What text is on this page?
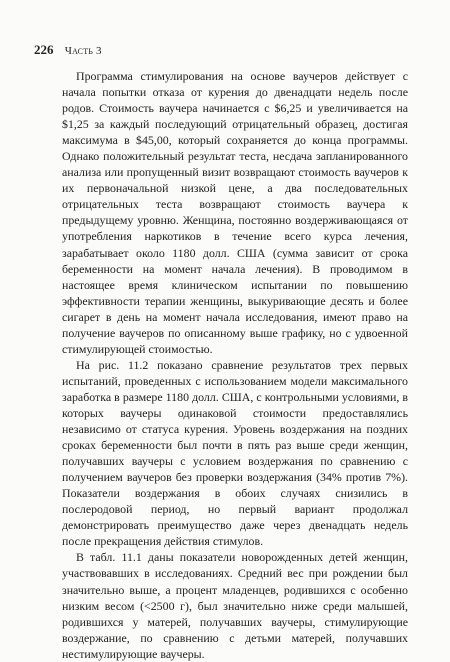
226 Часть 3

Программа стимулирования на основе ваучеров действует с начала попытки отказа от курения до двенадцати недель после родов. Стоимость ваучера начинается с $6,25 и увеличивается на $1,25 за каждый последующий отрицательный образец, достигая максимума в $45,00, который сохраняется до конца программы. Однако положительный результат теста, несдача запланированного анализа или пропущенный визит возвращают стоимость ваучеров к их первоначальной низкой цене, а два последовательных отрицательных теста возвращают стоимость ваучера к предыдущему уровню. Женщина, постоянно воздерживающаяся от употребления наркотиков в течение всего курса лечения, зарабатывает около 1180 долл. США (сумма зависит от срока беременности на момент начала лечения). В проводимом в настоящее время клиническом испытании по повышению эффективности терапии женщины, выкуривающие десять и более сигарет в день на момент начала исследования, имеют право на получение ваучеров по описанному выше графику, но с удвоенной стимулирующей стоимостью.

На рис. 11.2 показано сравнение результатов трех первых испытаний, проведенных с использованием модели максимального заработка в размере 1180 долл. США, с контрольными условиями, в которых ваучеры одинаковой стоимости предоставлялись независимо от статуса курения. Уровень воздержания на поздних сроках беременности был почти в пять раз выше среди женщин, получавших ваучеры с условием воздержания по сравнению с получением ваучеров без проверки воздержания (34% против 7%). Показатели воздержания в обоих случаях снизились в послеродовой период, но первый вариант продолжал демонстрировать преимущество даже через двенадцать недель после прекращения действия стимулов.

В табл. 11.1 даны показатели новорожденных детей женщин, участвовавших в исследованиях. Средний вес при рождении был значительно выше, а процент младенцев, родившихся с особенно низким весом (<2500 г), был значительно ниже среди малышей, родившихся у матерей, получавших ваучеры, стимулирующие воздержание, по сравнению с детьми матерей, получавших нестимулирующие ваучеры.
